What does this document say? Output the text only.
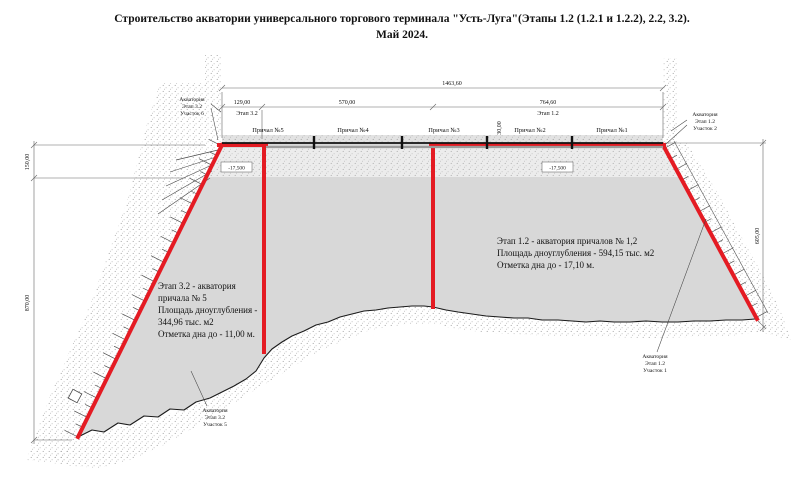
-17,500	-17,500
Строительство акватории универсального торгового терминала "Усть-Луга"(Этапы 1.2 (1.2.1 и 1.2.2), 2.2, 3.2).
Май 2024.
1463,60
129,00	570,00	764,60
Этап 3.2	Этап 1.2
150,00
870,00
605,00
30,00
Причал №5	Причал №4	Причал №3	Причал №2	Причал №1
Акватория
Этап 3.2
Участок 6	Акватория
Этап 1.2
Участок 2
Акватория
Этап 3.2
Участок 5
Акватория
Этап 1.2
Участок 1
Этап 3.2 - акватория
причала № 5
Площадь дноуглубления -
344,96 тыс. м2
Отметка дна до - 11,00 м.
Этап 1.2 - акватория причалов № 1,2
Площадь дноуглубления - 594,15 тыс. м2
Отметка дна до - 17,10 м.
